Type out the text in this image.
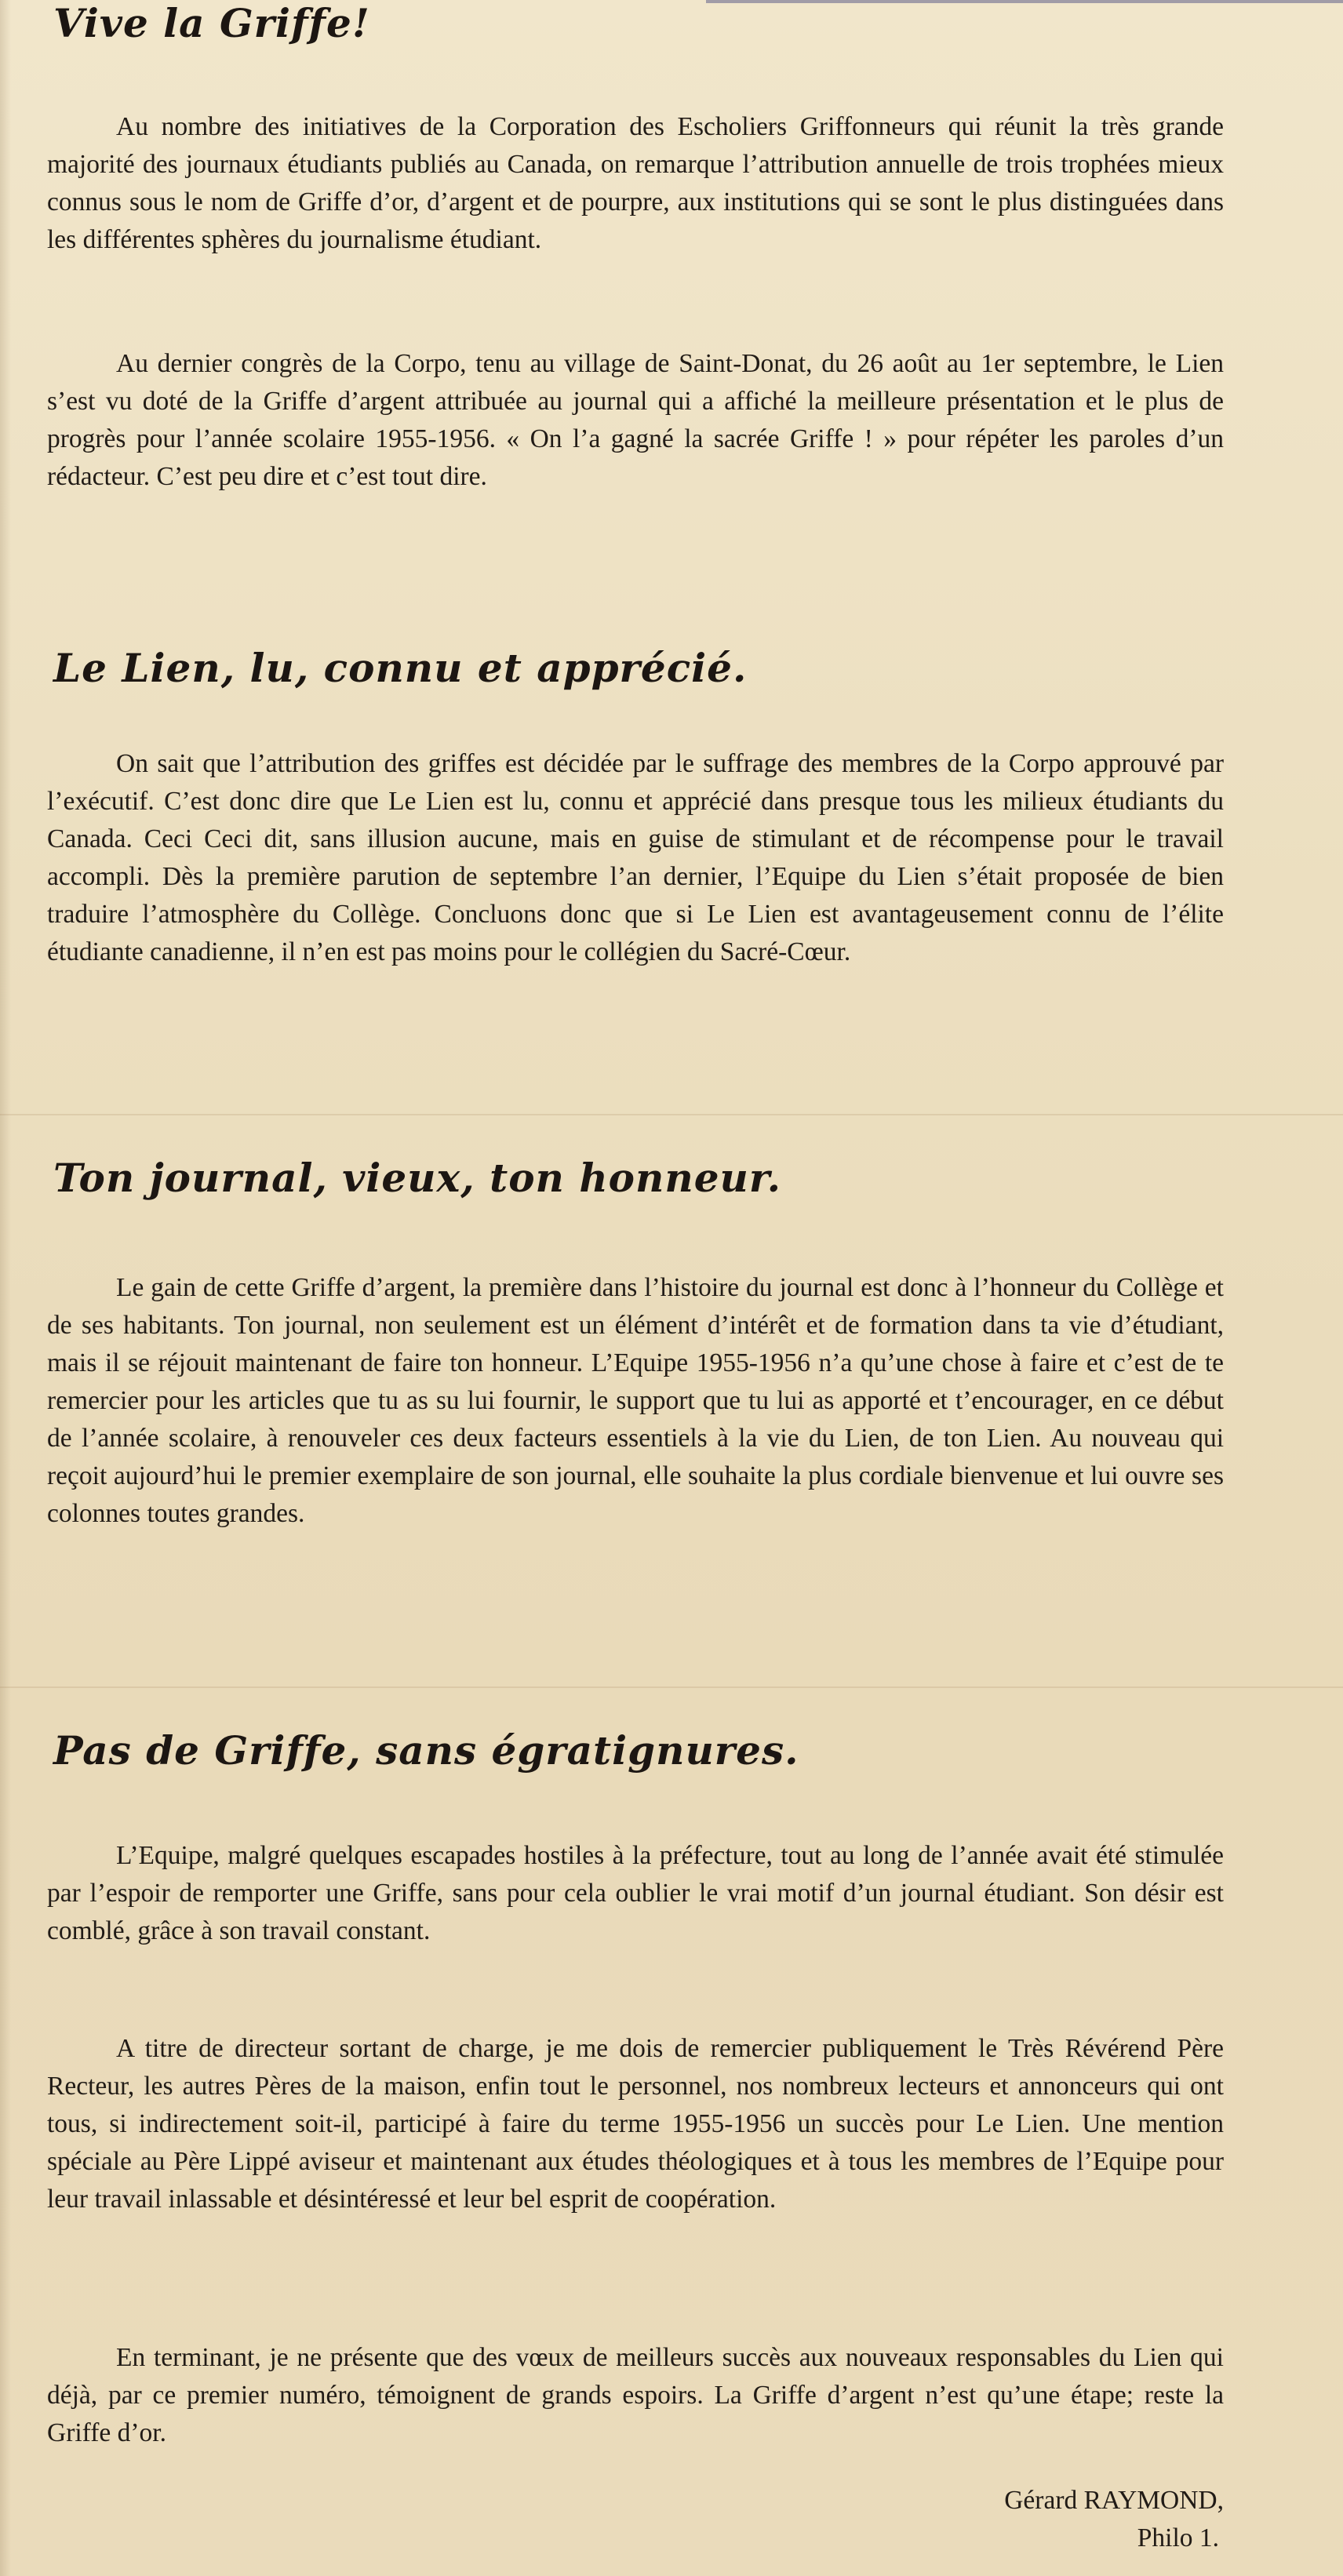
Vive la Griffe!

Au nombre des initiatives de la Corporation des Escholiers Griffonneurs qui réunit la très grande majorité des journaux étudiants publiés au Canada, on remarque l’attribution annuelle de trois trophées mieux connus sous le nom de Griffe d’or, d’argent et de pourpre, aux institutions qui se sont le plus distinguées dans les différentes sphères du journalisme étudiant.

Au dernier congrès de la Corpo, tenu au village de Saint-Donat, du 26 août au 1er septembre, le Lien s’est vu doté de la Griffe d’argent attribuée au journal qui a affiché la meilleure présentation et le plus de progrès pour l’année scolaire 1955-1956. « On l’a gagné la sacrée Griffe ! » pour répéter les paroles d’un rédacteur. C’est peu dire et c’est tout dire.

Le Lien, lu, connu et apprécié.

On sait que l’attribution des griffes est décidée par le suffrage des membres de la Corpo approuvé par l’exécutif. C’est donc dire que Le Lien est lu, connu et apprécié dans presque tous les milieux étudiants du Canada. Ceci Ceci dit, sans illusion aucune, mais en guise de stimulant et de récompense pour le travail accompli. Dès la première parution de septembre l’an dernier, l’Equipe du Lien s’était proposée de bien traduire l’atmosphère du Collège. Concluons donc que si Le Lien est avantageusement connu de l’élite étudiante canadienne, il n’en est pas moins pour le collégien du Sacré-Cœur.

Ton journal, vieux, ton honneur.

Le gain de cette Griffe d’argent, la première dans l’histoire du journal est donc à l’honneur du Collège et de ses habitants. Ton journal, non seulement est un élément d’intérêt et de formation dans ta vie d’étudiant, mais il se réjouit maintenant de faire ton honneur. L’Equipe 1955-1956 n’a qu’une chose à faire et c’est de te remercier pour les articles que tu as su lui fournir, le support que tu lui as apporté et t’encourager, en ce début de l’année scolaire, à renouveler ces deux facteurs essentiels à la vie du Lien, de ton Lien. Au nouveau qui reçoit aujourd’hui le premier exemplaire de son journal, elle souhaite la plus cordiale bienvenue et lui ouvre ses colonnes toutes grandes.

Pas de Griffe, sans égratignures.

L’Equipe, malgré quelques escapades hostiles à la préfecture, tout au long de l’année avait été stimulée par l’espoir de remporter une Griffe, sans pour cela oublier le vrai motif d’un journal étudiant. Son désir est comblé, grâce à son travail constant.

A titre de directeur sortant de charge, je me dois de remercier publiquement le Très Révérend Père Recteur, les autres Pères de la maison, enfin tout le personnel, nos nombreux lecteurs et annonceurs qui ont tous, si indirectement soit-il, participé à faire du terme 1955-1956 un succès pour Le Lien. Une mention spéciale au Père Lippé aviseur et maintenant aux études théologiques et à tous les membres de l’Equipe pour leur travail inlassable et désintéressé et leur bel esprit de coopération.

En terminant, je ne présente que des vœux de meilleurs succès aux nouveaux responsables du Lien qui déjà, par ce premier numéro, témoignent de grands espoirs. La Griffe d’argent n’est qu’une étape; reste la Griffe d’or.

Gérard RAYMOND,
Philo 1.
